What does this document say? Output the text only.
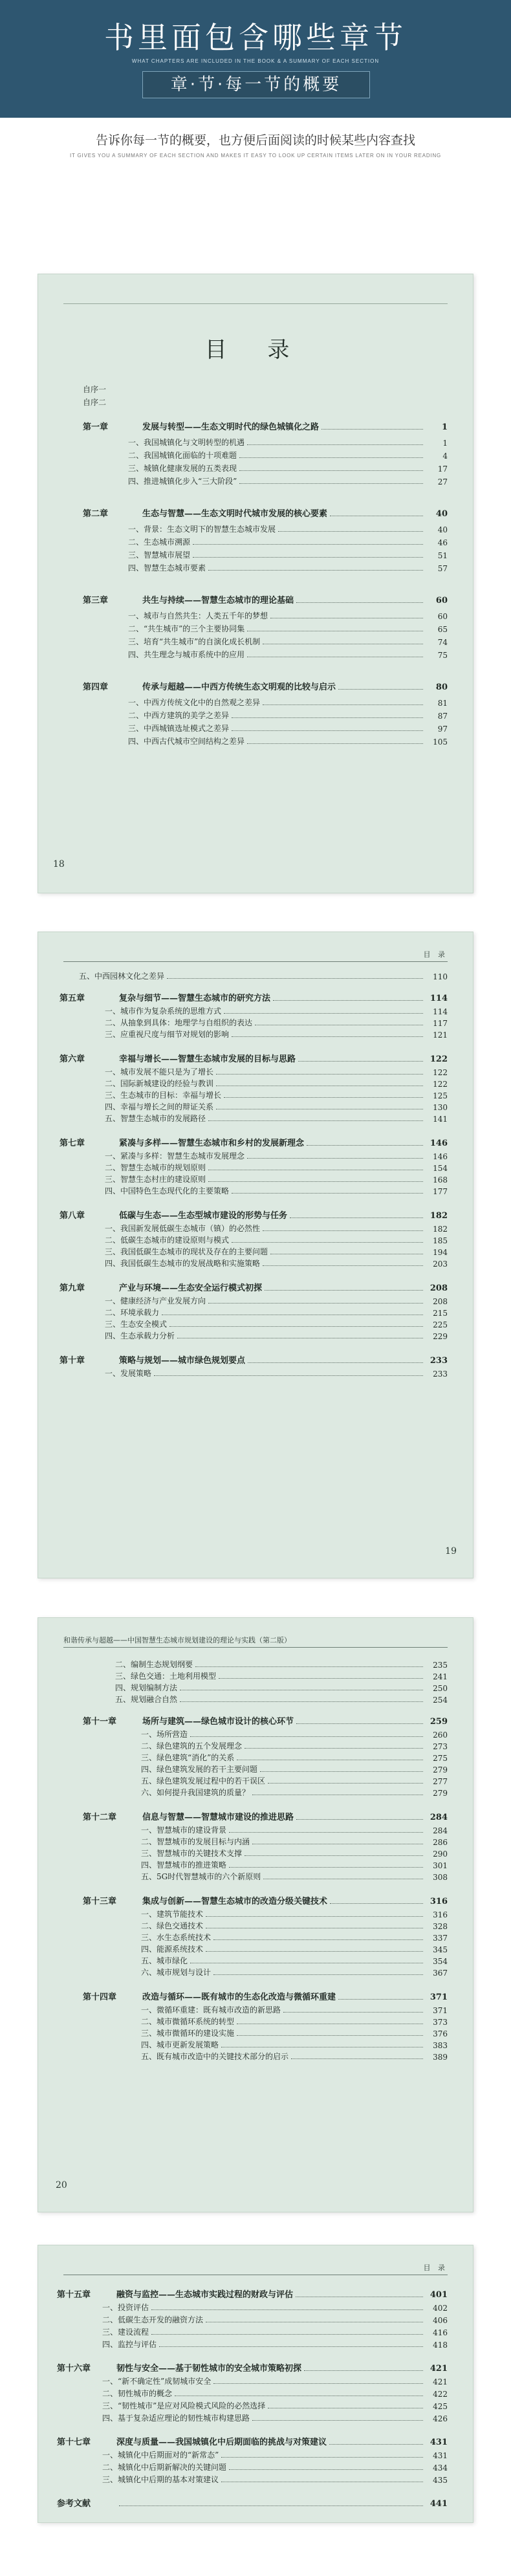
书里面包含哪些章节
WHAT CHAPTERS ARE INCLUDED IN THE BOOK & A SUMMARY OF EACH SECTION
章·节·每一节的概要
告诉你每一节的概要，也方便后面阅读的时候某些内容查找
IT GIVES YOU A SUMMARY OF EACH SECTION AND MAKES IT EASY TO LOOK UP CERTAIN ITEMS LATER ON IN YOUR READING
目 录
自序一
自序二
第一章	发展与转型——生态文明时代的绿色城镇化之路	1
一、我国城镇化与文明转型的机遇	1
二、我国城镇化面临的十项难题	4
三、城镇化健康发展的五类表现	17
四、推进城镇化步入“三大阶段”	27
第二章	生态与智慧——生态文明时代城市发展的核心要素	40
一、背景：生态文明下的智慧生态城市发展	40
二、生态城市溯源	46
三、智慧城市展望	51
四、智慧生态城市要素	57
第三章	共生与持续——智慧生态城市的理论基础	60
一、城市与自然共生：人类五千年的梦想	60
二、“共生城市”的三个主要协同集	65
三、培育“共生城市”的自演化成长机制	74
四、共生理念与城市系统中的应用	75
第四章	传承与超越——中西方传统生态文明观的比较与启示	80
一、中西方传统文化中的自然观之差异	81
二、中西方建筑的美学之差异	87
三、中西城镇选址模式之差异	97
四、中西古代城市空间结构之差异	105
18
目 录
五、中西园林文化之差异	110
第五章	复杂与细节——智慧生态城市的研究方法	114
一、城市作为复杂系统的思维方式	114
二、从抽象到具体：地理学与自组织的表达	117
三、应重视尺度与细节对规划的影响	121
第六章	幸福与增长——智慧生态城市发展的目标与思路	122
一、城市发展不能只是为了增长	122
二、国际新城建设的经验与教训	122
三、生态城市的目标：幸福与增长	125
四、幸福与增长之间的辩证关系	130
五、智慧生态城市的发展路径	141
第七章	紧凑与多样——智慧生态城市和乡村的发展新理念	146
一、紧凑与多样：智慧生态城市发展理念	146
二、智慧生态城市的规划原则	154
三、智慧生态村庄的建设原则	168
四、中国特色生态现代化的主要策略	177
第八章	低碳与生态——生态型城市建设的形势与任务	182
一、我国新发展低碳生态城市（镇）的必然性	182
二、低碳生态城市的建设原则与模式	185
三、我国低碳生态城市的现状及存在的主要问题	194
四、我国低碳生态城市的发展战略和实施策略	203
第九章	产业与环境——生态安全运行模式初探	208
一、健康经济与产业发展方向	208
二、环境承载力	215
三、生态安全模式	225
四、生态承载力分析	229
第十章	策略与规划——城市绿色规划要点	233
一、发展策略	233
19
和谐传承与超越——中国智慧生态城市规划建设的理论与实践（第二版）
二、编制生态规划纲要	235
三、绿色交通：土地利用模型	241
四、规划编制方法	250
五、规划融合自然	254
第十一章	场所与建筑——绿色城市设计的核心环节	259
一、场所营造	260
二、绿色建筑的五个发展理念	273
三、绿色建筑“消化”的关系	275
四、绿色建筑发展的若干主要问题	279
五、绿色建筑发展过程中的若干误区	277
六、如何提升我国建筑的质量？	279
第十二章	信息与智慧——智慧城市建设的推进思路	284
一、智慧城市的建设背景	284
二、智慧城市的发展目标与内涵	286
三、智慧城市的关键技术支撑	290
四、智慧城市的推进策略	301
五、5G时代智慧城市的六个新原则	308
第十三章	集成与创新——智慧生态城市的改造分级关键技术	316
一、建筑节能技术	316
二、绿色交通技术	328
三、水生态系统技术	337
四、能源系统技术	345
五、城市绿化	354
六、城市规划与设计	367
第十四章	改造与循环——既有城市的生态化改造与微循环重建	371
一、微循环重建：既有城市改造的新思路	371
二、城市微循环系统的转型	373
三、城市微循环的建设实施	376
四、城市更新发展策略	383
五、既有城市改造中的关键技术部分的启示	389
20
目 录
第十五章	融资与监控——生态城市实践过程的财政与评估	401
一、投资评估	402
二、低碳生态开发的融资方法	406
三、建设流程	416
四、监控与评估	418
第十六章	韧性与安全——基于韧性城市的安全城市策略初探	421
一、“新不确定性”成韧城市安全	421
二、韧性城市的概念	422
三、“韧性城市”是应对风险模式风险的必然选择	425
四、基于复杂适应理论的韧性城市构建思路	426
第十七章	深度与质量——我国城镇化中后期面临的挑战与对策建议	431
一、城镇化中后期面对的“新常态”	431
二、城镇化中后期新解决的关键问题	434
三、城镇化中后期的基本对策建议	435
参考文献	441
